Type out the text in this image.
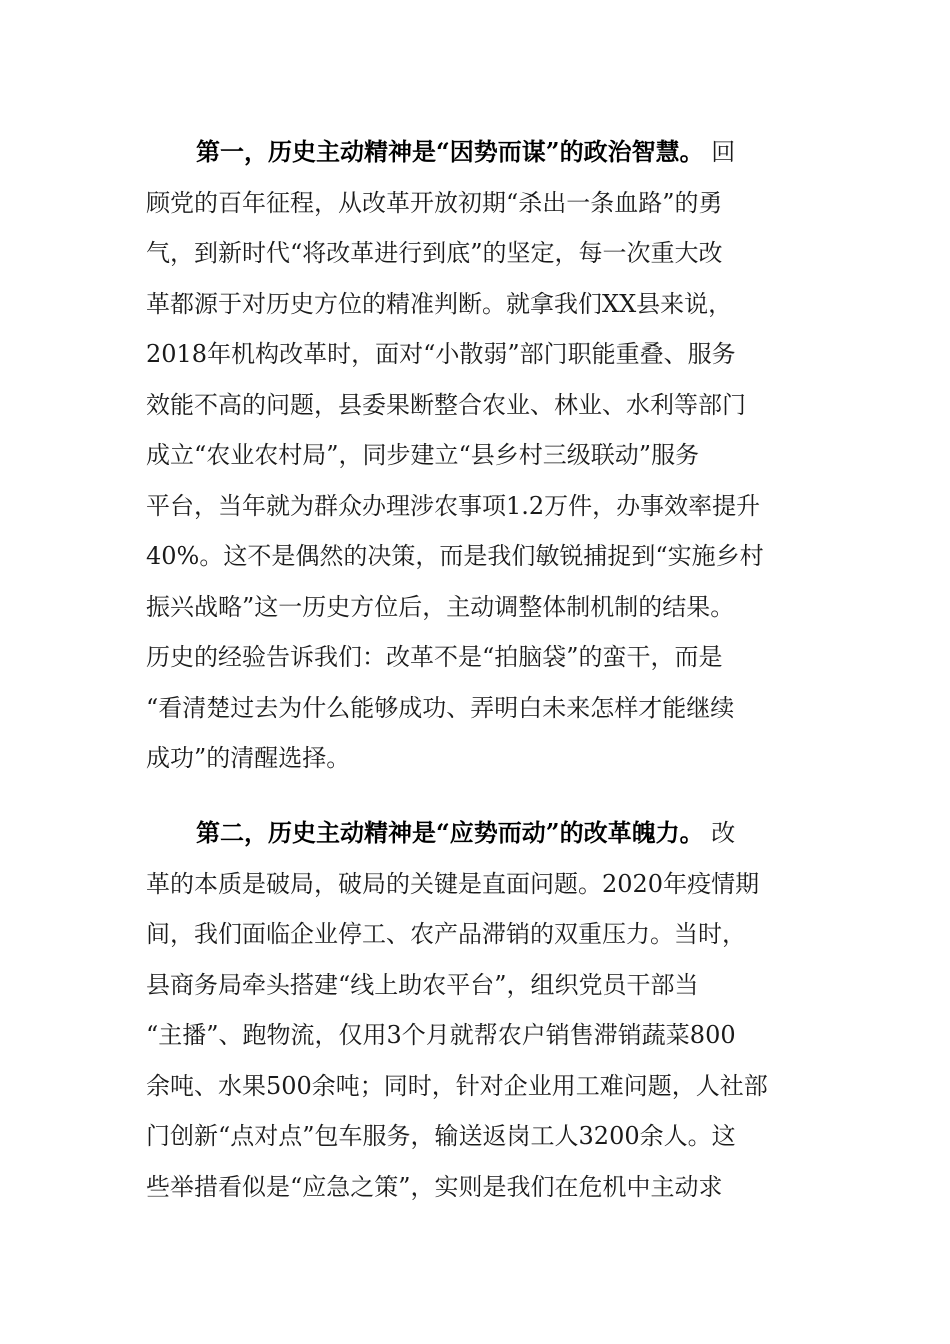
第一，历史主动精神是“因势而谋”的政治智慧。 回
顾党的百年征程，从改革开放初期“杀出一条血路”的勇
气，到新时代“将改革进行到底”的坚定，每一次重大改
革都源于对历史方位的精准判断。就拿我们XX县来说，
2018年机构改革时，面对“小散弱”部门职能重叠、服务
效能不高的问题，县委果断整合农业、林业、水利等部门
成立“农业农村局”，同步建立“县乡村三级联动”服务
平台，当年就为群众办理涉农事项1.2万件，办事效率提升
40%。这不是偶然的决策，而是我们敏锐捕捉到“实施乡村
振兴战略”这一历史方位后，主动调整体制机制的结果。
历史的经验告诉我们：改革不是“拍脑袋”的蛮干，而是
“看清楚过去为什么能够成功、弄明白未来怎样才能继续
成功”的清醒选择。
第二，历史主动精神是“应势而动”的改革魄力。 改
革的本质是破局，破局的关键是直面问题。2020年疫情期
间，我们面临企业停工、农产品滞销的双重压力。当时，
县商务局牵头搭建“线上助农平台”，组织党员干部当
“主播”、跑物流，仅用3个月就帮农户销售滞销蔬菜800
余吨、水果500余吨；同时，针对企业用工难问题，人社部
门创新“点对点”包车服务，输送返岗工人3200余人。这
些举措看似是“应急之策”，实则是我们在危机中主动求
